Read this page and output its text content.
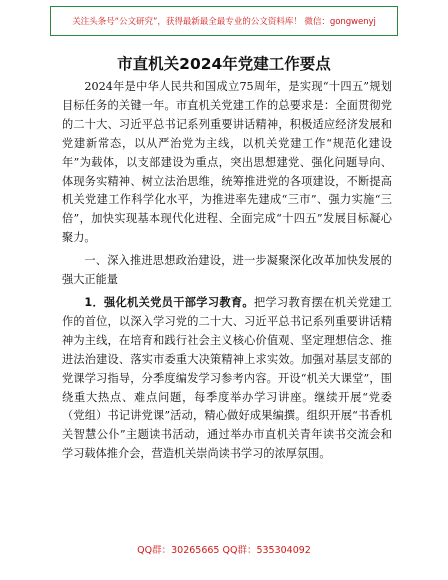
关注头条号“公文研究”，获得最新最全最专业的公文资料库！ 微信：gongwenyj
市直机关2024年党建工作要点

2024年是中华人民共和国成立75周年，是实现“十四五”规划目标任务的关键一年。市直机关党建工作的总要求是：全面贯彻党的二十大、习近平总书记系列重要讲话精神，积极适应经济发展和党建新常态，以从严治党为主线，以机关党建工作“规范化建设年”为载体，以支部建设为重点，突出思想建党、强化问题导向、体现务实精神、树立法治思维，统筹推进党的各项建设，不断提高机关党建工作科学化水平，为推进率先建成“三市”、强力实施“三倍”，加快实现基本现代化进程、全面完成“十四五”发展目标凝心聚力。

一、深入推进思想政治建设，进一步凝聚深化改革加快发展的强大正能量

1．强化机关党员干部学习教育。把学习教育摆在机关党建工作的首位，以深入学习党的二十大、习近平总书记系列重要讲话精神为主线，在培育和践行社会主义核心价值观、坚定理想信念、推进法治建设、落实市委重大决策精神上求实效。加强对基层支部的党课学习指导，分季度编发学习参考内容。开设“机关大课堂”，围绕重大热点、难点问题，每季度举办学习讲座。继续开展“党委（党组）书记讲党课”活动，精心做好成果编撰。组织开展“书香机关智慧公仆”主题读书活动，通过举办市直机关青年读书交流会和学习载体推介会，营造机关崇尚读书学习的浓厚氛围。

QQ群：30265665 QQ群：535304092
